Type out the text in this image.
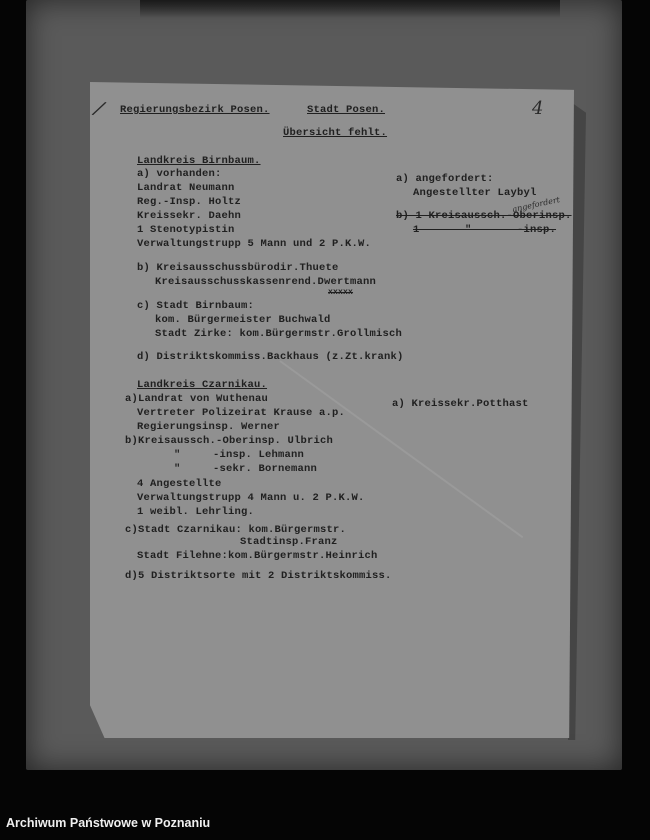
/	4
Regierungsbezirk Posen.	Stadt Posen.
Übersicht fehlt.
Landkreis Birnbaum.
a) vorhanden:
Landrat Neumann
Reg.-Insp. Holtz
Kreissekr. Daehn
1 Stenotypistin
Verwaltungstrupp 5 Mann und 2 P.K.W.
b) Kreisausschussbürodir.Thuete
Kreisausschusskassenrend.Dwertmann
xxxxx
c) Stadt Birnbaum:
kom. Bürgermeister Buchwald
Stadt Zirke: kom.Bürgermstr.Grollmisch
d) Distriktskommiss.Backhaus (z.Zt.krank)
a) angefordert:
Angestellter Laybyl
b) 1 Kreisaussch.-Oberinsp.
1       "       -insp.
angefordert
Landkreis Czarnikau.
a)Landrat von Wuthenau
Vertreter Polizeirat Krause a.p.
Regierungsinsp. Werner
b)Kreisaussch.-Oberinsp. Ulbrich
"     -insp. Lehmann
"     -sekr. Bornemann
4 Angestellte
Verwaltungstrupp 4 Mann u. 2 P.K.W.
1 weibl. Lehrling.
c)Stadt Czarnikau: kom.Bürgermstr.
Stadtinsp.Franz
Stadt Filehne:kom.Bürgermstr.Heinrich
d)5 Distriktsorte mit 2 Distriktskommiss.
a) Kreissekr.Potthast
Archiwum Państwowe w Poznaniu
